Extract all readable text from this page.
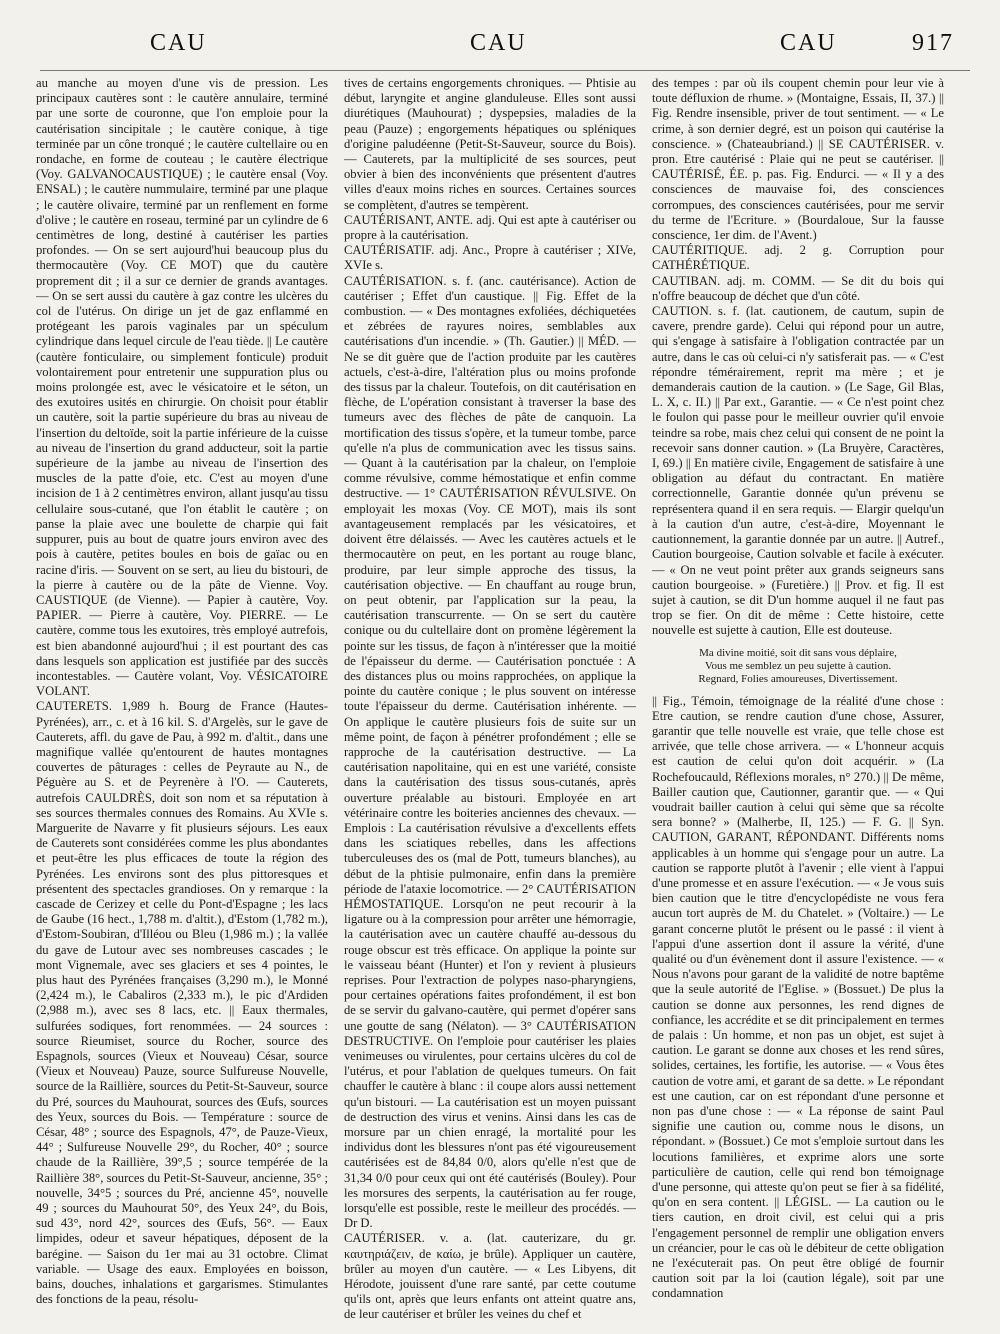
CAU	CAU	CAU	917

au manche au moyen d'une vis de pression. Les principaux cautères sont : le cautère annulaire, terminé par une sorte de couronne, que l'on emploie pour la cautérisation sincipitale ; le cautère conique, à tige terminée par un cône tronqué ; le cautère cultellaire ou en rondache, en forme de couteau ; le cautère électrique (Voy. GALVANOCAUSTIQUE) ; le cautère ensal (Voy. ENSAL) ; le cautère nummulaire, terminé par une plaque ; le cautère olivaire, terminé par un renflement en forme d'olive ; le cautère en roseau, terminé par un cylindre de 6 centimètres de long, destiné à cautériser les parties profondes. — On se sert aujourd'hui beaucoup plus du thermocautère (Voy. CE MOT) que du cautère proprement dit ; il a sur ce dernier de grands avantages. — On se sert aussi du cautère à gaz contre les ulcères du col de l'utérus. On dirige un jet de gaz enflammé en protégeant les parois vaginales par un spéculum cylindrique dans lequel circule de l'eau tiède. || Le cautère (cautère fonticulaire, ou simplement fonticule) produit volontairement pour entretenir une suppuration plus ou moins prolongée est, avec le vésicatoire et le séton, un des exutoires usités en chirurgie. On choisit pour établir un cautère, soit la partie supérieure du bras au niveau de l'insertion du deltoïde, soit la partie inférieure de la cuisse au niveau de l'insertion du grand adducteur, soit la partie supérieure de la jambe au niveau de l'insertion des muscles de la patte d'oie, etc. C'est au moyen d'une incision de 1 à 2 centimètres environ, allant jusqu'au tissu cellulaire sous-cutané, que l'on établit le cautère ; on panse la plaie avec une boulette de charpie qui fait suppurer, puis au bout de quatre jours environ avec des pois à cautère, petites boules en bois de gaïac ou en racine d'iris. — Souvent on se sert, au lieu du bistouri, de la pierre à cautère ou de la pâte de Vienne. Voy. CAUSTIQUE (de Vienne). — Papier à cautère, Voy. PAPIER. — Pierre à cautère, Voy. PIERRE. — Le cautère, comme tous les exutoires, très employé autrefois, est bien abandonné aujourd'hui ; il est pourtant des cas dans lesquels son application est justifiée par des succès incontestables. — Cautère volant, Voy. VÉSICATOIRE VOLANT.

CAUTERETS. 1,989 h. Bourg de France (Hautes-Pyrénées), arr., c. et à 16 kil. S. d'Argelès, sur le gave de Cauterets, affl. du gave de Pau, à 992 m. d'altit., dans une magnifique vallée qu'entourent de hautes montagnes couvertes de pâturages : celles de Peyraute au N., de Péguère au S. et de Peyrenère à l'O. — Cauterets, autrefois CAULDRÈS, doit son nom et sa réputation à ses sources thermales connues des Romains. Au XVIe s. Marguerite de Navarre y fit plusieurs séjours. Les eaux de Cauterets sont considérées comme les plus abondantes et peut-être les plus efficaces de toute la région des Pyrénées. Les environs sont des plus pittoresques et présentent des spectacles grandioses. On y remarque : la cascade de Cerizey et celle du Pont-d'Espagne ; les lacs de Gaube (16 hect., 1,788 m. d'altit.), d'Estom (1,782 m.), d'Estom-Soubiran, d'Illéou ou Bleu (1,986 m.) ; la vallée du gave de Lutour avec ses nombreuses cascades ; le mont Vignemale, avec ses glaciers et ses 4 pointes, le plus haut des Pyrénées françaises (3,290 m.), le Monné (2,424 m.), le Cabaliros (2,333 m.), le pic d'Ardiden (2,988 m.), avec ses 8 lacs, etc. || Eaux thermales, sulfurées sodiques, fort renommées. — 24 sources : source Rieumiset, source du Rocher, source des Espagnols, sources (Vieux et Nouveau) César, source (Vieux et Nouveau) Pauze, source Sulfureuse Nouvelle, source de la Raillière, sources du Petit-St-Sauveur, source du Pré, sources du Mauhourat, sources des Œufs, sources des Yeux, sources du Bois. — Température : source de César, 48° ; source des Espagnols, 47°, de Pauze-Vieux, 44° ; Sulfureuse Nouvelle 29°, du Rocher, 40° ; source chaude de la Raillière, 39°,5 ; source tempérée de la Raillière 38°, sources du Petit-St-Sauveur, ancienne, 35° ; nouvelle, 34°5 ; sources du Pré, ancienne 45°, nouvelle 49 ; sources du Mauhourat 50°, des Yeux 24°, du Bois, sud 43°, nord 42°, sources des Œufs, 56°. — Eaux limpides, odeur et saveur hépatiques, déposent de la barégine. — Saison du 1er mai au 31 octobre. Climat variable. — Usage des eaux. Employées en boisson, bains, douches, inhalations et gargarismes. Stimulantes des fonctions de la peau, résolu-

tives de certains engorgements chroniques. — Phtisie au début, laryngite et angine glanduleuse. Elles sont aussi diurétiques (Mauhourat) ; dyspepsies, maladies de la peau (Pauze) ; engorgements hépatiques ou spléniques d'origine paludéenne (Petit-St-Sauveur, source du Bois). — Cauterets, par la multiplicité de ses sources, peut obvier à bien des inconvénients que présentent d'autres villes d'eaux moins riches en sources. Certaines sources se complètent, d'autres se tempèrent.

CAUTÉRISANT, ANTE. adj. Qui est apte à cautériser ou propre à la cautérisation.

CAUTÉRISATIF. adj. Anc., Propre à cautériser ; XIVe, XVIe s.

CAUTÉRISATION. s. f. (anc. cautérisance). Action de cautériser ; Effet d'un caustique. || Fig. Effet de la combustion. — « Des montagnes exfoliées, déchiquetées et zébrées de rayures noires, semblables aux cautérisations d'un incendie. » (Th. Gautier.) || MÉD. — Ne se dit guère que de l'action produite par les cautères actuels, c'est-à-dire, l'altération plus ou moins profonde des tissus par la chaleur. Toutefois, on dit cautérisation en flèche, de L'opération consistant à traverser la base des tumeurs avec des flèches de pâte de canquoin. La mortification des tissus s'opère, et la tumeur tombe, parce qu'elle n'a plus de communication avec les tissus sains. — Quant à la cautérisation par la chaleur, on l'emploie comme révulsive, comme hémostatique et enfin comme destructive. — 1° CAUTÉRISATION RÉVULSIVE. On employait les moxas (Voy. CE MOT), mais ils sont avantageusement remplacés par les vésicatoires, et doivent être délaissés. — Avec les cautères actuels et le thermocautère on peut, en les portant au rouge blanc, produire, par leur simple approche des tissus, la cautérisation objective. — En chauffant au rouge brun, on peut obtenir, par l'application sur la peau, la cautérisation transcurrente. — On se sert du cautère conique ou du cultellaire dont on promène légèrement la pointe sur les tissus, de façon à n'intéresser que la moitié de l'épaisseur du derme. — Cautérisation ponctuée : A des distances plus ou moins rapprochées, on applique la pointe du cautère conique ; le plus souvent on intéresse toute l'épaisseur du derme. Cautérisation inhérente. — On applique le cautère plusieurs fois de suite sur un même point, de façon à pénétrer profondément ; elle se rapproche de la cautérisation destructive. — La cautérisation napolitaine, qui en est une variété, consiste dans la cautérisation des tissus sous-cutanés, après ouverture préalable au bistouri. Employée en art vétérinaire contre les boiteries anciennes des chevaux. — Emplois : La cautérisation révulsive a d'excellents effets dans les sciatiques rebelles, dans les affections tuberculeuses des os (mal de Pott, tumeurs blanches), au début de la phtisie pulmonaire, enfin dans la première période de l'ataxie locomotrice. — 2° CAUTÉRISATION HÉMOSTATIQUE. Lorsqu'on ne peut recourir à la ligature ou à la compression pour arrêter une hémorragie, la cautérisation avec un cautère chauffé au-dessous du rouge obscur est très efficace. On applique la pointe sur le vaisseau béant (Hunter) et l'on y revient à plusieurs reprises. Pour l'extraction de polypes naso-pharyngiens, pour certaines opérations faites profondément, il est bon de se servir du galvano-cautère, qui permet d'opérer sans une goutte de sang (Nélaton). — 3° CAUTÉRISATION DESTRUCTIVE. On l'emploie pour cautériser les plaies venimeuses ou virulentes, pour certains ulcères du col de l'utérus, et pour l'ablation de quelques tumeurs. On fait chauffer le cautère à blanc : il coupe alors aussi nettement qu'un bistouri. — La cautérisation est un moyen puissant de destruction des virus et venins. Ainsi dans les cas de morsure par un chien enragé, la mortalité pour les individus dont les blessures n'ont pas été vigoureusement cautérisées est de 84,84 0/0, alors qu'elle n'est que de 31,34 0/0 pour ceux qui ont été cautérisés (Bouley). Pour les morsures des serpents, la cautérisation au fer rouge, lorsqu'elle est possible, reste le meilleur des procédés. — Dr D.

CAUTÉRISER. v. a. (lat. cauterizare, du gr. καυτηριάζειν, de καίω, je brûle). Appliquer un cautère, brûler au moyen d'un cautère. — « Les Libyens, dit Hérodote, jouissent d'une rare santé, par cette coutume qu'ils ont, après que leurs enfants ont atteint quatre ans, de leur cautériser et brûler les veines du chef et

des tempes : par où ils coupent chemin pour leur vie à toute défluxion de rhume. » (Montaigne, Essais, II, 37.) || Fig. Rendre insensible, priver de tout sentiment. — « Le crime, à son dernier degré, est un poison qui cautérise la conscience. » (Chateaubriand.) || SE CAUTÉRISER. v. pron. Etre cautérisé : Plaie qui ne peut se cautériser. || CAUTÉRISÉ, ÉE. p. pas. Fig. Endurci. — « Il y a des consciences de mauvaise foi, des consciences corrompues, des consciences cautérisées, pour me servir du terme de l'Ecriture. » (Bourdaloue, Sur la fausse conscience, 1er dim. de l'Avent.)

CAUTÉRITIQUE. adj. 2 g. Corruption pour CATHÉRÉTIQUE.

CAUTIBAN. adj. m. COMM. — Se dit du bois qui n'offre beaucoup de déchet que d'un côté.

CAUTION. s. f. (lat. cautionem, de cautum, supin de cavere, prendre garde). Celui qui répond pour un autre, qui s'engage à satisfaire à l'obligation contractée par un autre, dans le cas où celui-ci n'y satisferait pas. — « C'est répondre témérairement, reprit ma mère ; et je demanderais caution de la caution. » (Le Sage, Gil Blas, L. X, c. II.) || Par ext., Garantie. — « Ce n'est point chez le foulon qui passe pour le meilleur ouvrier qu'il envoie teindre sa robe, mais chez celui qui consent de ne point la recevoir sans donner caution. » (La Bruyère, Caractères, I, 69.) || En matière civile, Engagement de satisfaire à une obligation au défaut du contractant. En matière correctionnelle, Garantie donnée qu'un prévenu se représentera quand il en sera requis. — Elargir quelqu'un à la caution d'un autre, c'est-à-dire, Moyennant le cautionnement, la garantie donnée par un autre. || Autref., Caution bourgeoise, Caution solvable et facile à exécuter. — « On ne veut point prêter aux grands seigneurs sans caution bourgeoise. » (Furetière.) || Prov. et fig. Il est sujet à caution, se dit D'un homme auquel il ne faut pas trop se fier. On dit de même : Cette histoire, cette nouvelle est sujette à caution, Elle est douteuse.

Ma divine moitié, soit dit sans vous déplaire,
Vous me semblez un peu sujette à caution.
Regnard, Folies amoureuses, Divertissement.

|| Fig., Témoin, témoignage de la réalité d'une chose : Etre caution, se rendre caution d'une chose, Assurer, garantir que telle nouvelle est vraie, que telle chose est arrivée, que telle chose arrivera. — « L'honneur acquis est caution de celui qu'on doit acquérir. » (La Rochefoucauld, Réflexions morales, n° 270.) || De même, Bailler caution que, Cautionner, garantir que. — « Qui voudrait bailler caution à celui qui sème que sa récolte sera bonne? » (Malherbe, II, 125.) — F. G. || Syn. CAUTION, GARANT, RÉPONDANT. Différents noms applicables à un homme qui s'engage pour un autre. La caution se rapporte plutôt à l'avenir ; elle vient à l'appui d'une promesse et en assure l'exécution. — « Je vous suis bien caution que le titre d'encyclopédiste ne vous fera aucun tort auprès de M. du Chatelet. » (Voltaire.) — Le garant concerne plutôt le présent ou le passé : il vient à l'appui d'une assertion dont il assure la vérité, d'une qualité ou d'un évènement dont il assure l'existence. — « Nous n'avons pour garant de la validité de notre baptême que la seule autorité de l'Eglise. » (Bossuet.) De plus la caution se donne aux personnes, les rend dignes de confiance, les accrédite et se dit principalement en termes de palais : Un homme, et non pas un objet, est sujet à caution. Le garant se donne aux choses et les rend sûres, solides, certaines, les fortifie, les autorise. — « Vous êtes caution de votre ami, et garant de sa dette. » Le répondant est une caution, car on est répondant d'une personne et non pas d'une chose : — « La réponse de saint Paul signifie une caution ou, comme nous le disons, un répondant. » (Bossuet.) Ce mot s'emploie surtout dans les locutions familières, et exprime alors une sorte particulière de caution, celle qui rend bon témoignage d'une personne, qui atteste qu'on peut se fier à sa fidélité, qu'on en sera content. || LÉGISL. — La caution ou le tiers caution, en droit civil, est celui qui a pris l'engagement personnel de remplir une obligation envers un créancier, pour le cas où le débiteur de cette obligation ne l'exécuterait pas. On peut être obligé de fournir caution soit par la loi (caution légale), soit par une condamnation
